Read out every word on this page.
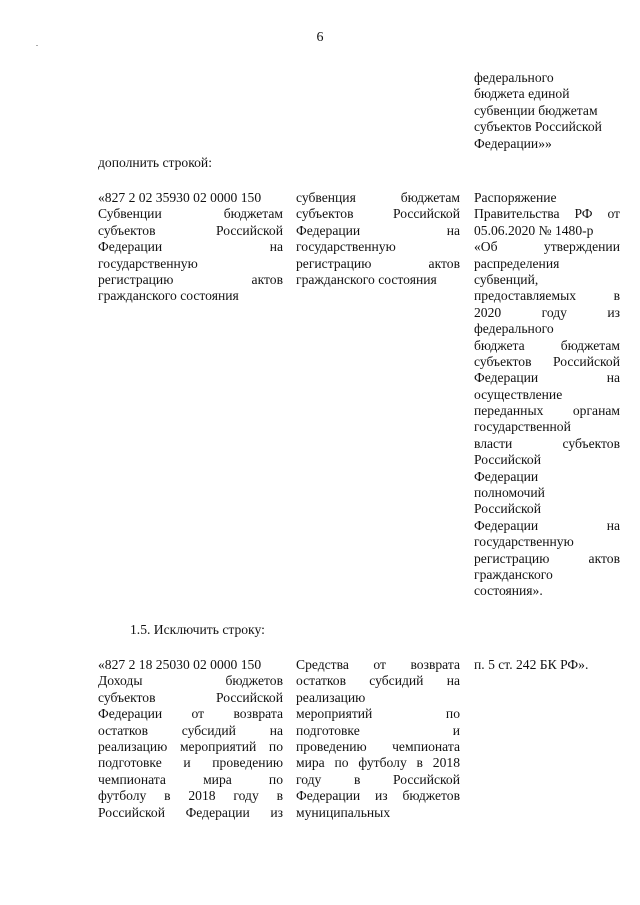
6
федерального
бюджета единой
субвенции бюджетам
субъектов Российской
Федерации»»
дополнить строкой:
«827 2 02 35930 02 0000 150
Субвенции бюджетам
субъектов Российской
Федерации на
государственную
регистрацию актов
гражданского состояния
субвенция бюджетам
субъектов Российской
Федерации на
государственную
регистрацию актов
гражданского состояния
Распоряжение
Правительства РФ от
05.06.2020 № 1480-р
«Об утверждении
распределения
субвенций,
предоставляемых в
2020 году из
федерального
бюджета бюджетам
субъектов Российской
Федерации на
осуществление
переданных органам
государственной
власти субъектов
Российской
Федерации
полномочий
Российской
Федерации на
государственную
регистрацию актов
гражданского
состояния».
1.5. Исключить строку:
«827 2 18 25030 02 0000 150
Доходы бюджетов
субъектов Российской
Федерации от возврата
остатков субсидий на
реализацию мероприятий по
подготовке и проведению
чемпионата мира по
футболу в 2018 году в
Российской Федерации из
Средства от возврата
остатков субсидий на
реализацию
мероприятий по
подготовке и
проведению чемпионата
мира по футболу в 2018
году в Российской
Федерации из бюджетов
муниципальных
п. 5 ст. 242 БК РФ».
